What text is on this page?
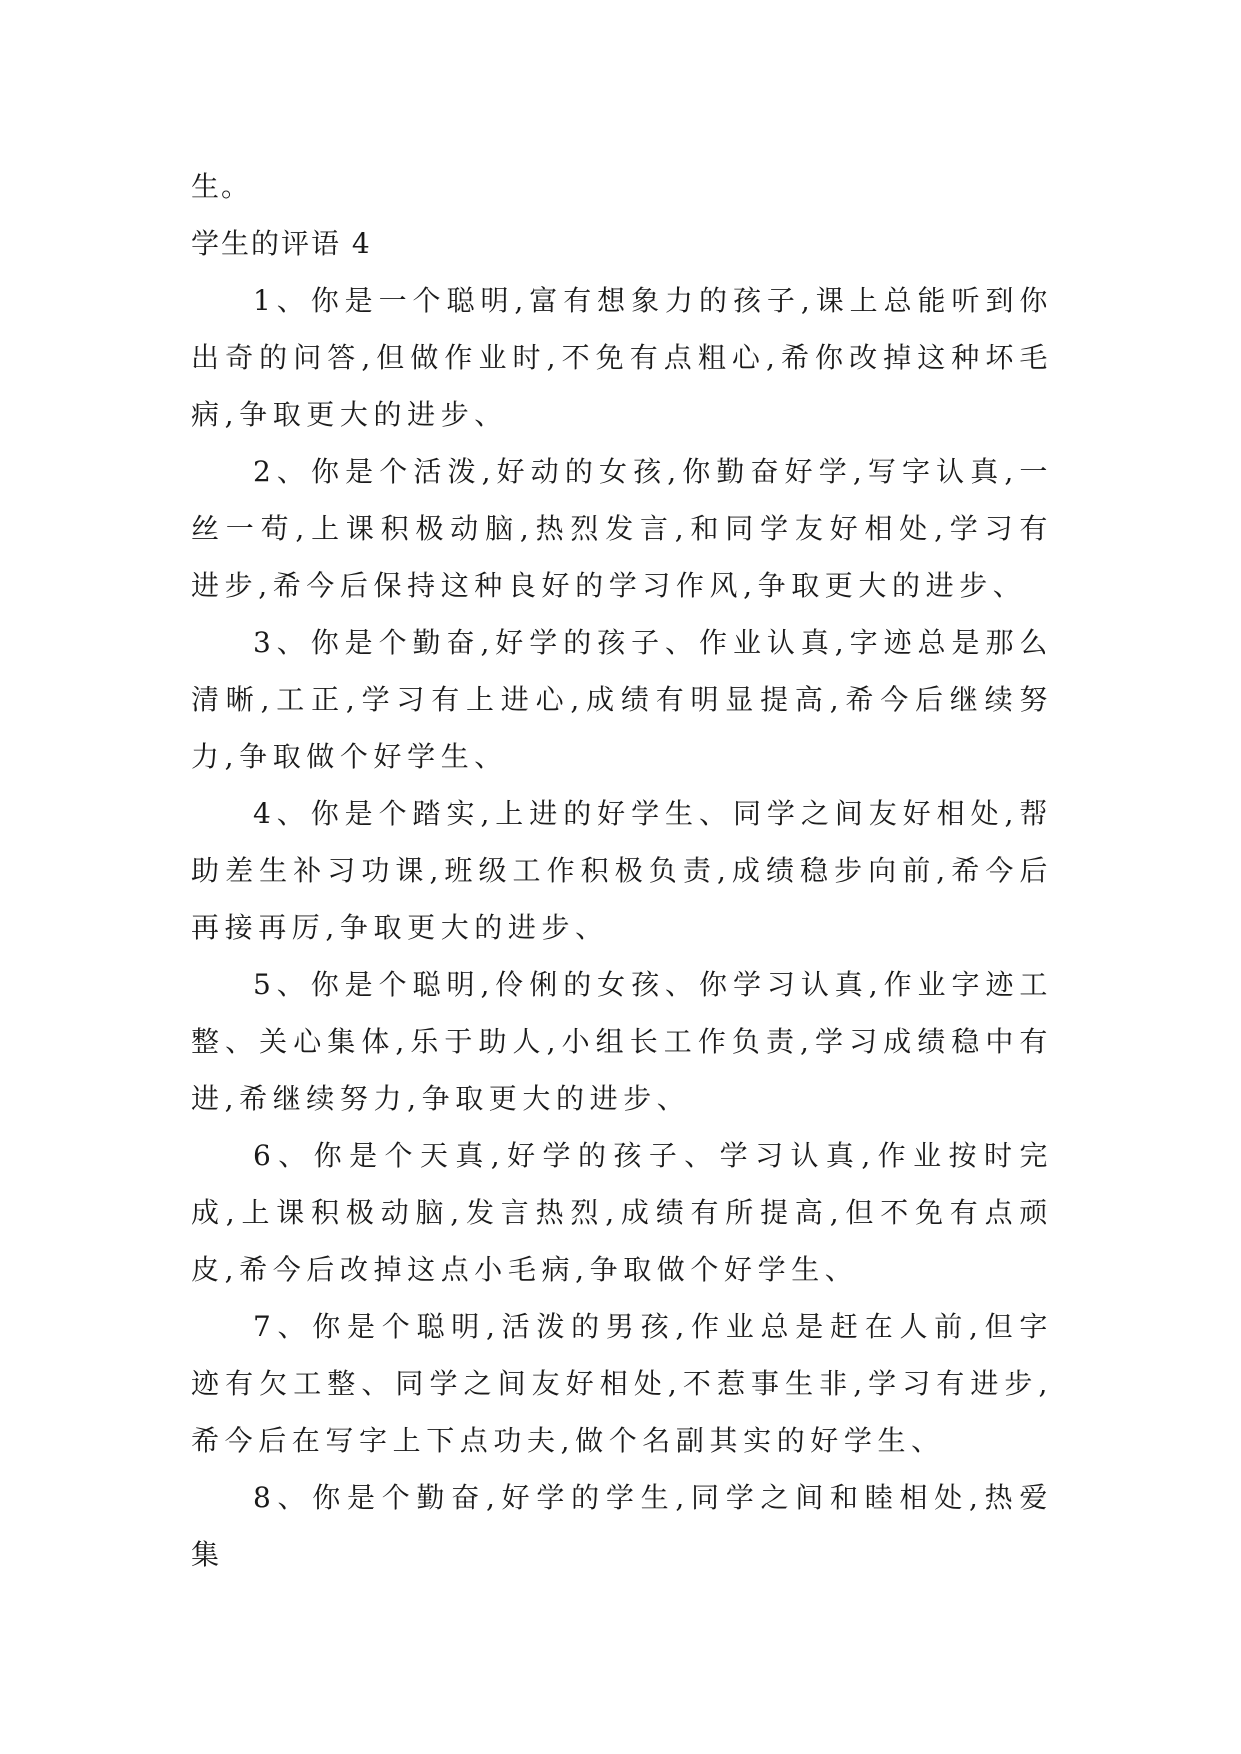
生。
学生的评语 4

1、你是一个聪明,富有想象力的孩子,课上总能听到你出奇的问答,但做作业时,不免有点粗心,希你改掉这种坏毛病,争取更大的进步、

2、你是个活泼,好动的女孩,你勤奋好学,写字认真,一丝一苟,上课积极动脑,热烈发言,和同学友好相处,学习有进步,希今后保持这种良好的学习作风,争取更大的进步、

3、你是个勤奋,好学的孩子、作业认真,字迹总是那么清晰,工正,学习有上进心,成绩有明显提高,希今后继续努力,争取做个好学生、

4、你是个踏实,上进的好学生、同学之间友好相处,帮助差生补习功课,班级工作积极负责,成绩稳步向前,希今后再接再厉,争取更大的进步、

5、你是个聪明,伶俐的女孩、你学习认真,作业字迹工整、关心集体,乐于助人,小组长工作负责,学习成绩稳中有进,希继续努力,争取更大的进步、

6、你是个天真,好学的孩子、学习认真,作业按时完成,上课积极动脑,发言热烈,成绩有所提高,但不免有点顽皮,希今后改掉这点小毛病,争取做个好学生、

7、你是个聪明,活泼的男孩,作业总是赶在人前,但字迹有欠工整、同学之间友好相处,不惹事生非,学习有进步,希今后在写字上下点功夫,做个名副其实的好学生、

8、你是个勤奋,好学的学生,同学之间和睦相处,热爱集
